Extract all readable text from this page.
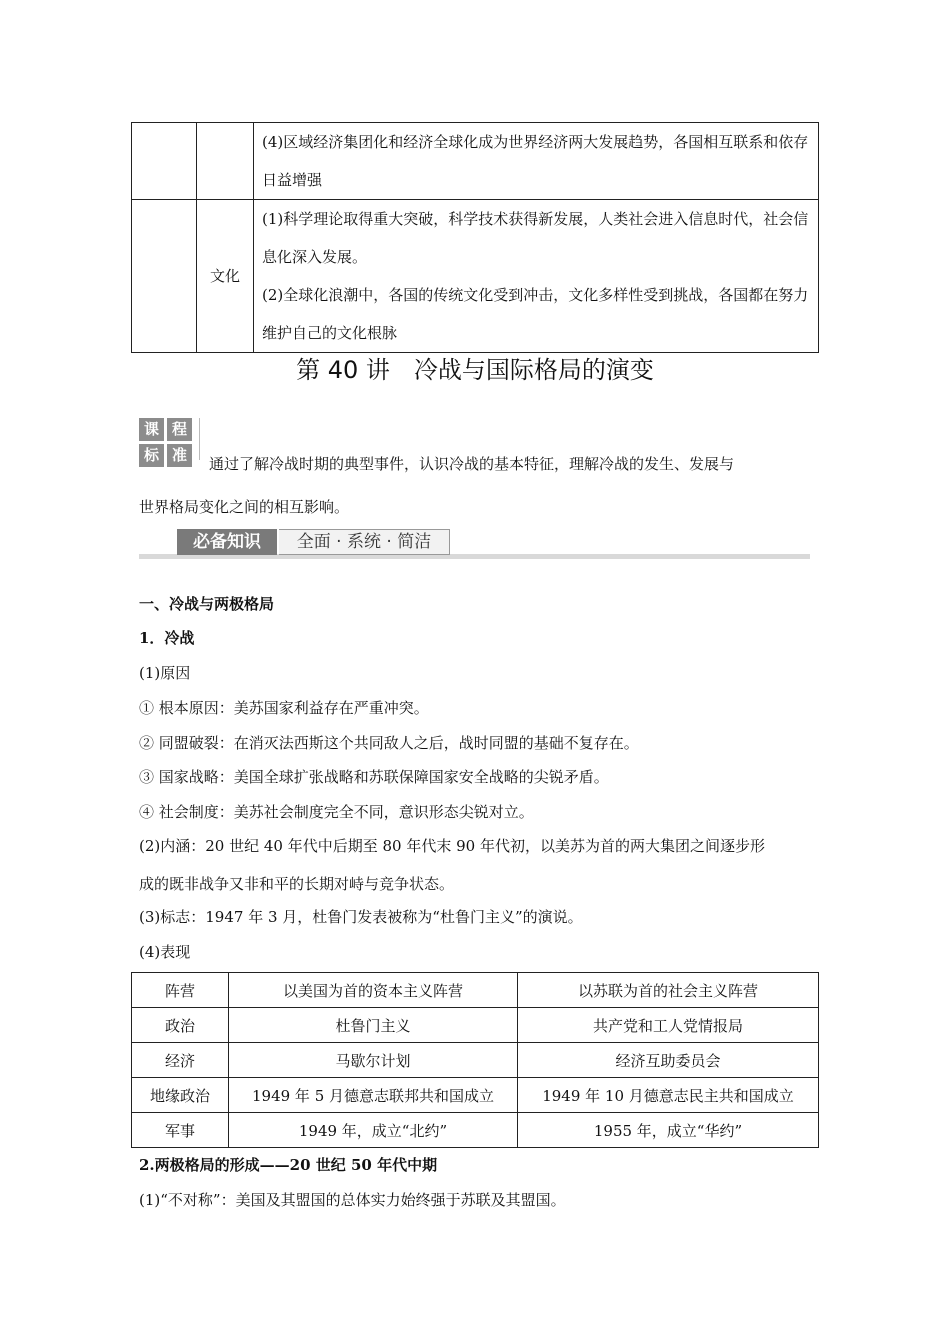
		(4)区域经济集团化和经济全球化成为世界经济两大发展趋势，各国相互联系和依存日益增强
	文化	(1)科学理论取得重大突破，科学技术获得新发展，人类社会进入信息时代，社会信息化深入发展。
(2)全球化浪潮中，各国的传统文化受到冲击，文化多样性受到挑战，各国都在努力维护自己的文化根脉
第 40 讲　冷战与国际格局的演变
课 程
标 准	通过了解冷战时期的典型事件，认识冷战的基本特征，理解冷战的发生、发展与
世界格局变化之间的相互影响。
必备知识	全面 · 系统 · 简洁
一、冷战与两极格局
1．冷战
(1)原因
① 根本原因：美苏国家利益存在严重冲突。
② 同盟破裂：在消灭法西斯这个共同敌人之后，战时同盟的基础不复存在。
③ 国家战略：美国全球扩张战略和苏联保障国家安全战略的尖锐矛盾。
④ 社会制度：美苏社会制度完全不同，意识形态尖锐对立。
(2)内涵：20 世纪 40 年代中后期至 80 年代末 90 年代初，以美苏为首的两大集团之间逐步形
成的既非战争又非和平的长期对峙与竞争状态。
(3)标志：1947 年 3 月，杜鲁门发表被称为“杜鲁门主义”的演说。
(4)表现
阵营	以美国为首的资本主义阵营	以苏联为首的社会主义阵营
政治	杜鲁门主义	共产党和工人党情报局
经济	马歇尔计划	经济互助委员会
地缘政治	1949 年 5 月德意志联邦共和国成立	1949 年 10 月德意志民主共和国成立
军事	1949 年，成立“北约”	1955 年，成立“华约”
2.两极格局的形成——20 世纪 50 年代中期
(1)“不对称”：美国及其盟国的总体实力始终强于苏联及其盟国。
